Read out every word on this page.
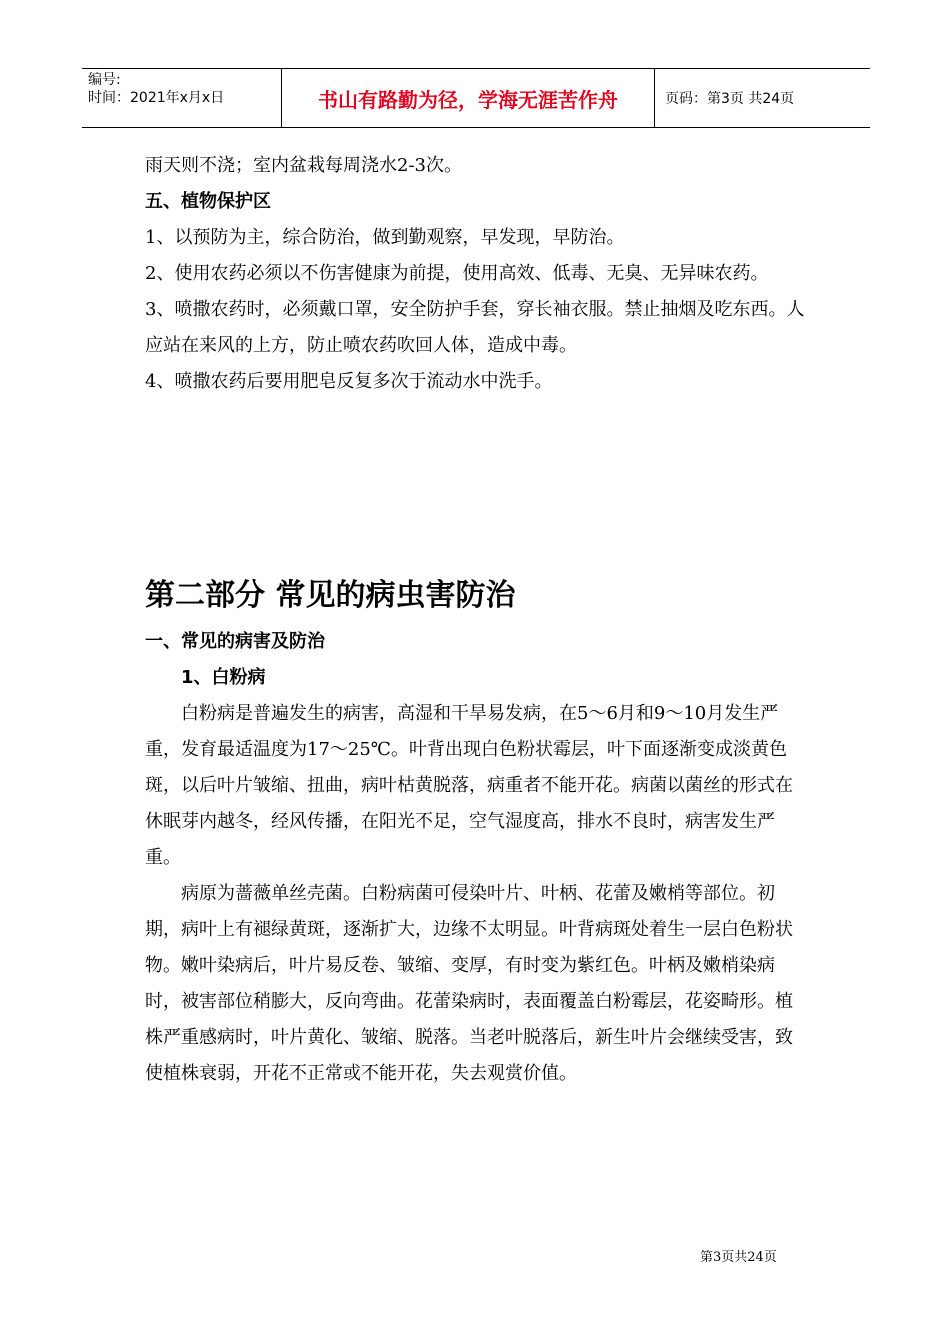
编号:
时间：2021年x月x日	书山有路勤为径，学海无涯苦作舟	页码：第3页 共24页

雨天则不浇；室内盆栽每周浇水2-3次。

五、植物保护区

1、以预防为主，综合防治，做到勤观察，早发现，早防治。

2、使用农药必须以不伤害健康为前提，使用高效、低毒、无臭、无异味农药。

3、喷撒农药时，必须戴口罩，安全防护手套，穿长袖衣服。禁止抽烟及吃东西。人应站在来风的上方，防止喷农药吹回人体，造成中毒。

4、喷撒农药后要用肥皂反复多次于流动水中洗手。

第二部分 常见的病虫害防治

一、常见的病害及防治

1、白粉病

白粉病是普遍发生的病害，高湿和干旱易发病，在5～6月和9～10月发生严重，发育最适温度为17～25℃。叶背出现白色粉状霉层，叶下面逐渐变成淡黄色斑，以后叶片皱缩、扭曲，病叶枯黄脱落，病重者不能开花。病菌以菌丝的形式在休眠芽内越冬，经风传播，在阳光不足，空气湿度高，排水不良时，病害发生严重。

病原为蔷薇单丝壳菌。白粉病菌可侵染叶片、叶柄、花蕾及嫩梢等部位。初期，病叶上有褪绿黄斑，逐渐扩大，边缘不太明显。叶背病斑处着生一层白色粉状物。嫩叶染病后，叶片易反卷、皱缩、变厚，有时变为紫红色。叶柄及嫩梢染病时，被害部位稍膨大，反向弯曲。花蕾染病时，表面覆盖白粉霉层，花姿畸形。植株严重感病时，叶片黄化、皱缩、脱落。当老叶脱落后，新生叶片会继续受害，致使植株衰弱，开花不正常或不能开花，失去观赏价值。

第3页共24页
